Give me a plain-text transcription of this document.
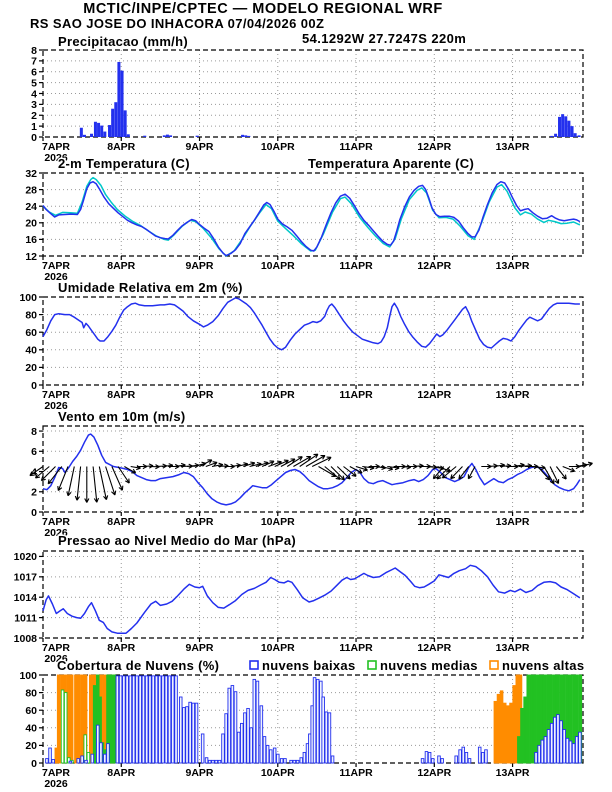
0
1
2
3
4
5
6
7
8
7APR	8APR	9APR	10APR	11APR	12APR	13APR
2026
12
16
20
24
28
32
7APR	8APR	9APR	10APR	11APR	12APR	13APR
2026
0
20
40
60
80
100
7APR	8APR	9APR	10APR	11APR	12APR	13APR
2026
0
2
4
6
8
7APR	8APR	9APR	10APR	11APR	12APR	13APR
2026
1008
1011
1014
1017
1020
7APR	8APR	9APR	10APR	11APR	12APR	13APR
2026
0
20
40
60
80
100
7APR	8APR	9APR	10APR	11APR	12APR	13APR
2026
MCTIC/INPE/CPTEC — MODELO REGIONAL WRF
RS SAO JOSE DO INHACORA 07/04/2026 00Z
54.1292W 27.7247S 220m
Precipitacao (mm/h)
2-m Temperatura (C)	Temperatura Aparente (C)
Umidade Relativa em 2m (%)
Vento em 10m (m/s)
Pressao ao Nivel Medio do Mar (hPa)
Cobertura de Nuvens (%)	nuvens baixas nuvens medias nuvens altas
